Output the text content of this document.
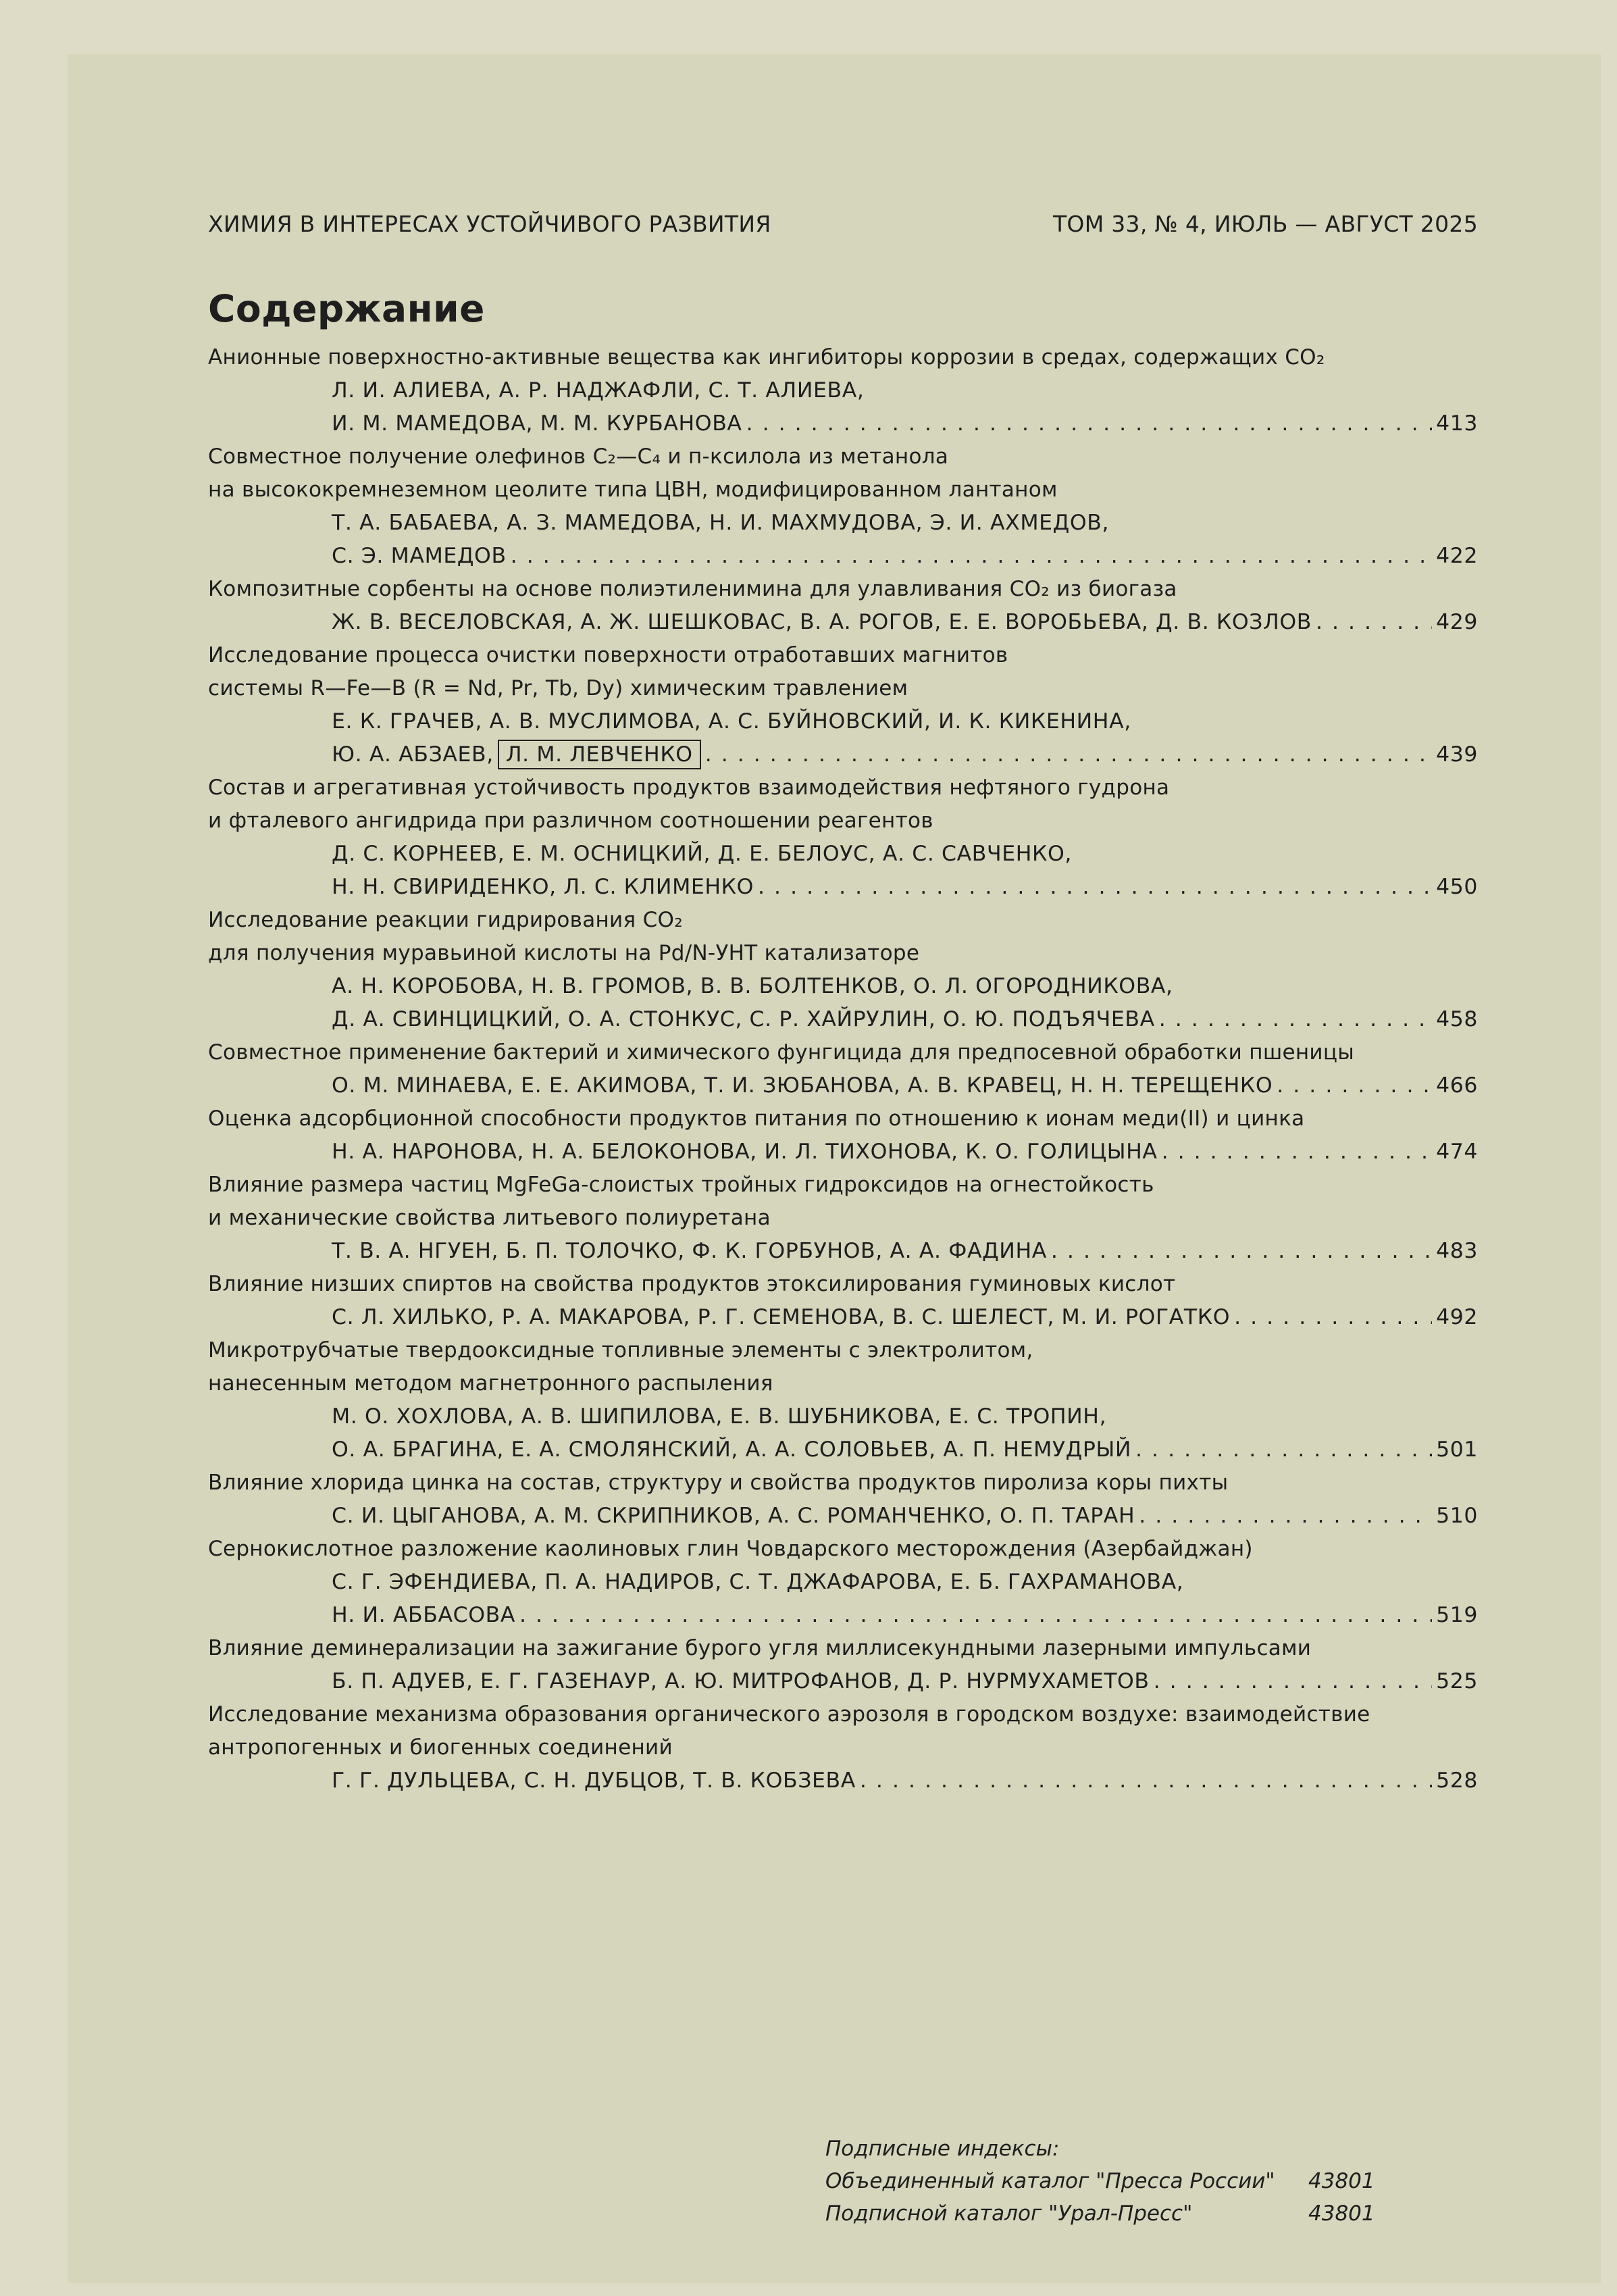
ХИМИЯ В ИНТЕРЕСАХ УСТОЙЧИВОГО РАЗВИТИЯ	ТОМ 33, № 4, ИЮЛЬ — АВГУСТ 2025
Содержание
Анионные поверхностно-активные вещества как ингибиторы коррозии в средах, содержащих CO₂
Л. И. АЛИЕВА, А. Р. НАДЖАФЛИ, С. Т. АЛИЕВА,
И. М. МАМЕДОВА, М. М. КУРБАНОВА . . .	413
Совместное получение олефинов C₂—C₄ и п-ксилола из метанола
на высококремнеземном цеолите типа ЦВН, модифицированном лантаном
Т. А. БАБАЕВА, А. З. МАМЕДОВА, Н. И. МАХМУДОВА, Э. И. АХМЕДОВ,
С. Э. МАМЕДОВ . . .	422
Композитные сорбенты на основе полиэтиленимина для улавливания CO₂ из биогаза
Ж. В. ВЕСЕЛОВСКАЯ, А. Ж. ШЕШКОВАС, В. А. РОГОВ, Е. Е. ВОРОБЬЕВА, Д. В. КОЗЛОВ . . .	429
Исследование процесса очистки поверхности отработавших магнитов
системы R—Fe—B (R = Nd, Pr, Tb, Dy) химическим травлением
Е. К. ГРАЧЕВ, А. В. МУСЛИМОВА, А. С. БУЙНОВСКИЙ, И. К. КИКЕНИНА,
Ю. А. АБЗАЕВ, Л. М. ЛЕВЧЕНКО . . .	439
Состав и агрегативная устойчивость продуктов взаимодействия нефтяного гудрона
и фталевого ангидрида при различном соотношении реагентов
Д. С. КОРНЕЕВ, Е. М. ОСНИЦКИЙ, Д. Е. БЕЛОУС, А. С. САВЧЕНКО,
Н. Н. СВИРИДЕНКО, Л. С. КЛИМЕНКО . . .	450
Исследование реакции гидрирования CO₂
для получения муравьиной кислоты на Pd/N-УНТ катализаторе
А. Н. КОРОБОВА, Н. В. ГРОМОВ, В. В. БОЛТЕНКОВ, О. Л. ОГОРОДНИКОВА,
Д. А. СВИНЦИЦКИЙ, О. А. СТОНКУС, С. Р. ХАЙРУЛИН, О. Ю. ПОДЪЯЧЕВА . . .	458
Совместное применение бактерий и химического фунгицида для предпосевной обработки пшеницы
О. М. МИНАЕВА, Е. Е. АКИМОВА, Т. И. ЗЮБАНОВА, А. В. КРАВЕЦ, Н. Н. ТЕРЕЩЕНКО . . .	466
Оценка адсорбционной способности продуктов питания по отношению к ионам меди(II) и цинка
Н. А. НАРОНОВА, Н. А. БЕЛОКОНОВА, И. Л. ТИХОНОВА, К. О. ГОЛИЦЫНА . . .	474
Влияние размера частиц MgFeGa-слоистых тройных гидроксидов на огнестойкость
и механические свойства литьевого полиуретана
Т. В. А. НГУЕН, Б. П. ТОЛОЧКО, Ф. К. ГОРБУНОВ, А. А. ФАДИНА . . .	483
Влияние низших спиртов на свойства продуктов этоксилирования гуминовых кислот
С. Л. ХИЛЬКО, Р. А. МАКАРОВА, Р. Г. СЕМЕНОВА, В. С. ШЕЛЕСТ, М. И. РОГАТКО . . .	492
Микротрубчатые твердооксидные топливные элементы с электролитом,
нанесенным методом магнетронного распыления
М. О. ХОХЛОВА, А. В. ШИПИЛОВА, Е. В. ШУБНИКОВА, Е. С. ТРОПИН,
О. А. БРАГИНА, Е. А. СМОЛЯНСКИЙ, А. А. СОЛОВЬЕВ, А. П. НЕМУДРЫЙ . . .	501
Влияние хлорида цинка на состав, структуру и свойства продуктов пиролиза коры пихты
С. И. ЦЫГАНОВА, А. М. СКРИПНИКОВ, А. С. РОМАНЧЕНКО, О. П. ТАРАН . . .	510
Сернокислотное разложение каолиновых глин Човдарского месторождения (Азербайджан)
С. Г. ЭФЕНДИЕВА, П. А. НАДИРОВ, С. Т. ДЖАФАРОВА, Е. Б. ГАХРАМАНОВА,
Н. И. АББАСОВА . . .	519
Влияние деминерализации на зажигание бурого угля миллисекундными лазерными импульсами
Б. П. АДУЕВ, Е. Г. ГАЗЕНАУР, А. Ю. МИТРОФАНОВ, Д. Р. НУРМУХАМЕТОВ . . .	525
Исследование механизма образования органического аэрозоля в городском воздухе: взаимодействие
антропогенных и биогенных соединений
Г. Г. ДУЛЬЦЕВА, С. Н. ДУБЦОВ, Т. В. КОБЗЕВА . . .	528
Подписные индексы:
Объединенный каталог "Пресса России"	43801
Подписной каталог "Урал-Пресс"	43801
